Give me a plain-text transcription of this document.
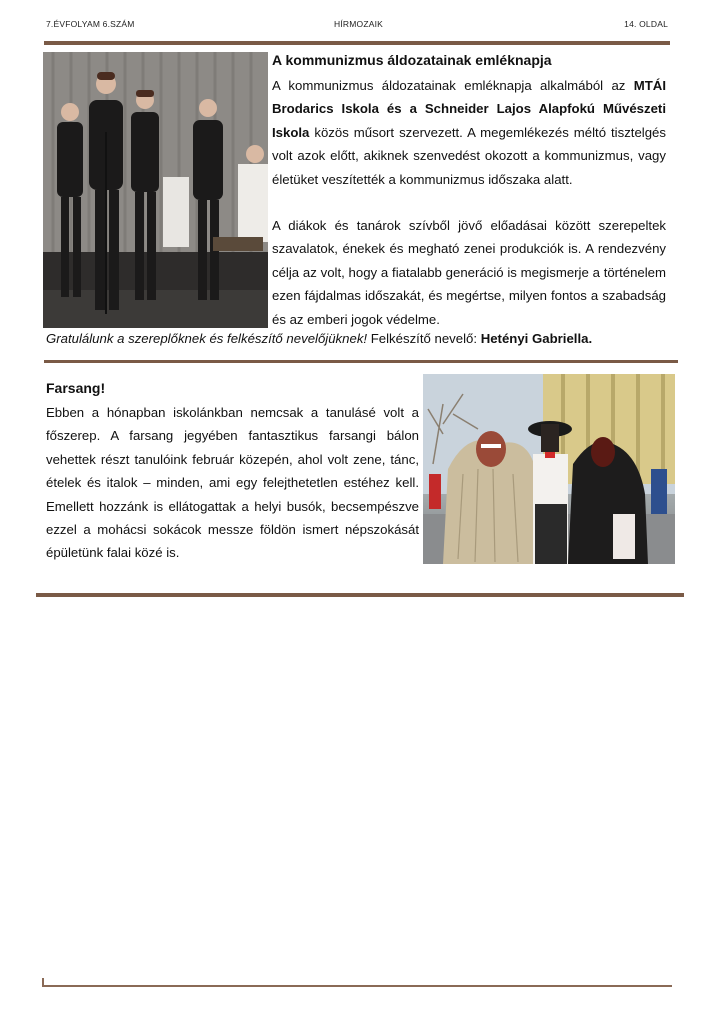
7.ÉVFOLYAM 6.SZÁM	HÍRMOZAIK	14. OLDAL
A kommunizmus áldozatainak emléknapja
A kommunizmus áldozatainak emléknapja alkalmából az MTÁI Brodarics Iskola és a Schneider Lajos Alapfokú Művészeti Iskola közös műsort szervezett. A megemlékezés méltó tisztelgés volt azok előtt, akiknek szenvedést okozott a kommunizmus, vagy életüket veszítették a kommunizmus időszaka alatt.
A diákok és tanárok szívből jövő előadásai között szerepeltek szavalatok, énekek és megható zenei produkciók is. A rendezvény célja az volt, hogy a fiatalabb generáció is megismerje a történelem ezen fájdalmas időszakát, és megértse, milyen fontos a szabadság és az emberi jogok védelme.
Gratulálunk a szereplőknek és felkészítő nevelőjüknek! Felkészítő nevelő: Hetényi Gabriella.
Farsang!
Ebben a hónapban iskolánkban nemcsak a tanulásé volt a főszerep. A farsang jegyében fantasztikus farsangi bálon vehettek részt tanulóink február közepén, ahol volt zene, tánc, ételek és italok – minden, ami egy felejthetetlen estéhez kell. Emellett hozzánk is ellátogattak a helyi busók, becsempészve ezzel a mohácsi sokácok messze földön ismert népszokását épületünk falai közé is.
